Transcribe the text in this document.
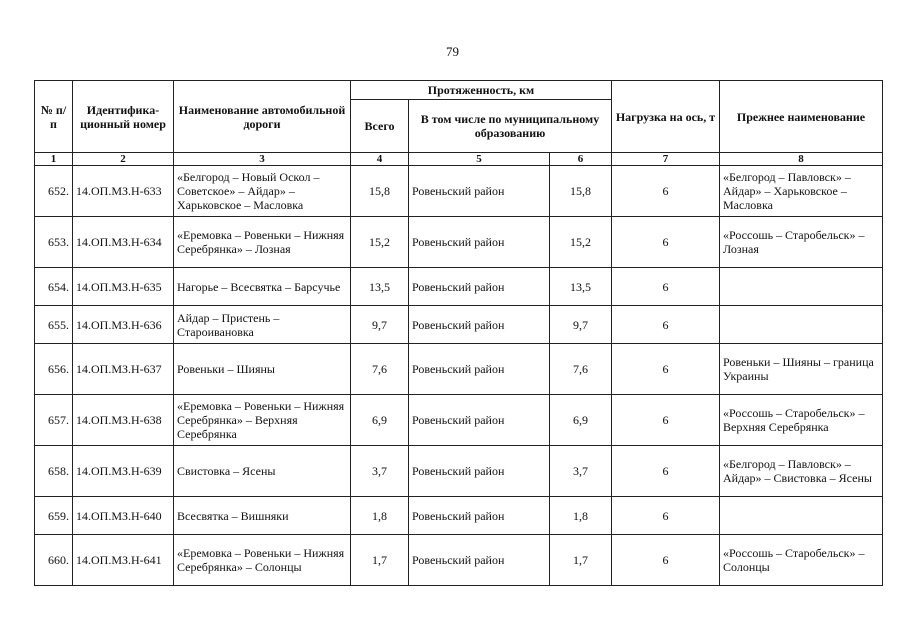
79
№ п/п	Идентифика-ционный номер	Наименование автомобильной дороги	Протяженность, км			Нагрузка на ось, т	Прежнее наименование
			Всего	В том числе по муниципальному образованию			
1	2	3	4	5	6	7	8
652.	14.ОП.МЗ.Н-633	«Белгород – Новый Оскол – Советское» – Айдар» – Харьковское – Масловка	15,8	Ровеньский район	15,8	6	«Белгород – Павловск» – Айдар» – Харьковское – Масловка
653.	14.ОП.МЗ.Н-634	«Еремовка – Ровеньки – Нижняя Серебрянка» – Лозная	15,2	Ровеньский район	15,2	6	«Россошь – Старобельск» – Лозная
654.	14.ОП.МЗ.Н-635	Нагорье – Всесвятка – Барсучье	13,5	Ровеньский район	13,5	6	
655.	14.ОП.МЗ.Н-636	Айдар – Пристень – Староивановка	9,7	Ровеньский район	9,7	6	
656.	14.ОП.МЗ.Н-637	Ровеньки – Шияны	7,6	Ровеньский район	7,6	6	Ровеньки – Шияны – граница Украины
657.	14.ОП.МЗ.Н-638	«Еремовка – Ровеньки – Нижняя Серебрянка» – Верхняя Серебрянка	6,9	Ровеньский район	6,9	6	«Россошь – Старобельск» – Верхняя Серебрянка
658.	14.ОП.МЗ.Н-639	Свистовка – Ясены	3,7	Ровеньский район	3,7	6	«Белгород – Павловск» – Айдар» – Свистовка – Ясены
659.	14.ОП.МЗ.Н-640	Всесвятка – Вишняки	1,8	Ровеньский район	1,8	6	
660.	14.ОП.МЗ.Н-641	«Еремовка – Ровеньки – Нижняя Серебрянка» – Солонцы	1,7	Ровеньский район	1,7	6	«Россошь – Старобельск» – Солонцы
